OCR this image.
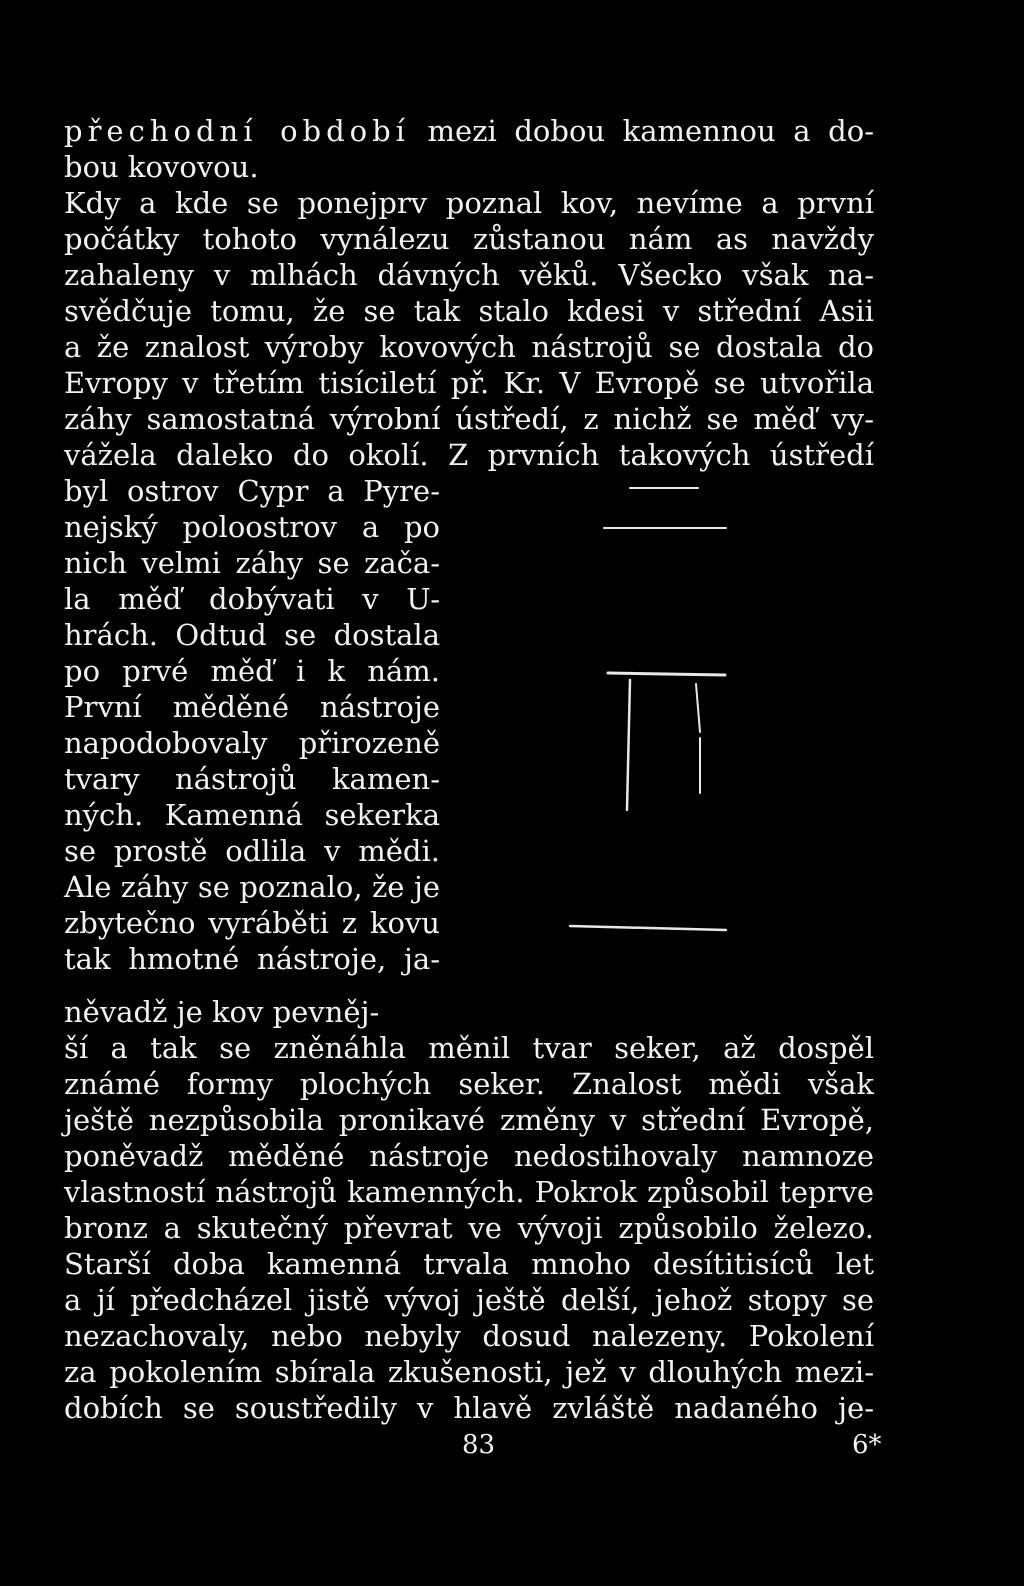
přechodní období mezi dobou kamennou a do-

bou kovovou.

Kdy a kde se ponejprv poznal kov, nevíme a první

počátky tohoto vynálezu zůstanou nám as navždy

zahaleny v mlhách dávných věků. Všecko však na-

svědčuje tomu, že se tak stalo kdesi v střední Asii

a že znalost výroby kovových nástrojů se dostala do

Evropy v třetím tisíciletí př. Kr. V Evropě se utvořila

záhy samostatná výrobní ústředí, z nichž se měď vy-

vážela daleko do okolí. Z prvních takových ústředí

byl ostrov Cypr a Pyre-

nejský poloostrov a po

nich velmi záhy se zača-

la měď dobývati v U-

hrách. Odtud se dostala

po prvé měď i k nám.

První měděné nástroje

napodobovaly přirozeně

tvary nástrojů kamen-

ných. Kamenná sekerka

se prostě odlila v mědi.

Ale záhy se poznalo, že je

zbytečno vyráběti z kovu

tak hmotné nástroje, ja-

něvadž je kov pevněj-

ší a tak se zněnáhla měnil tvar seker, až dospěl

známé formy plochých seker. Znalost mědi však

ještě nezpůsobila pronikavé změny v střední Evropě,

poněvadž měděné nástroje nedostihovaly namnoze

vlastností nástrojů kamenných. Pokrok způsobil teprve

bronz a skutečný převrat ve vývoji způsobilo železo.

Starší doba kamenná trvala mnoho desítitisíců let

a jí předcházel jistě vývoj ještě delší, jehož stopy se

nezachovaly, nebo nebyly dosud nalezeny. Pokolení

za pokolením sbírala zkušenosti, jež v dlouhých mezi-

dobích se soustředily v hlavě zvláště nadaného je-

83	6*
